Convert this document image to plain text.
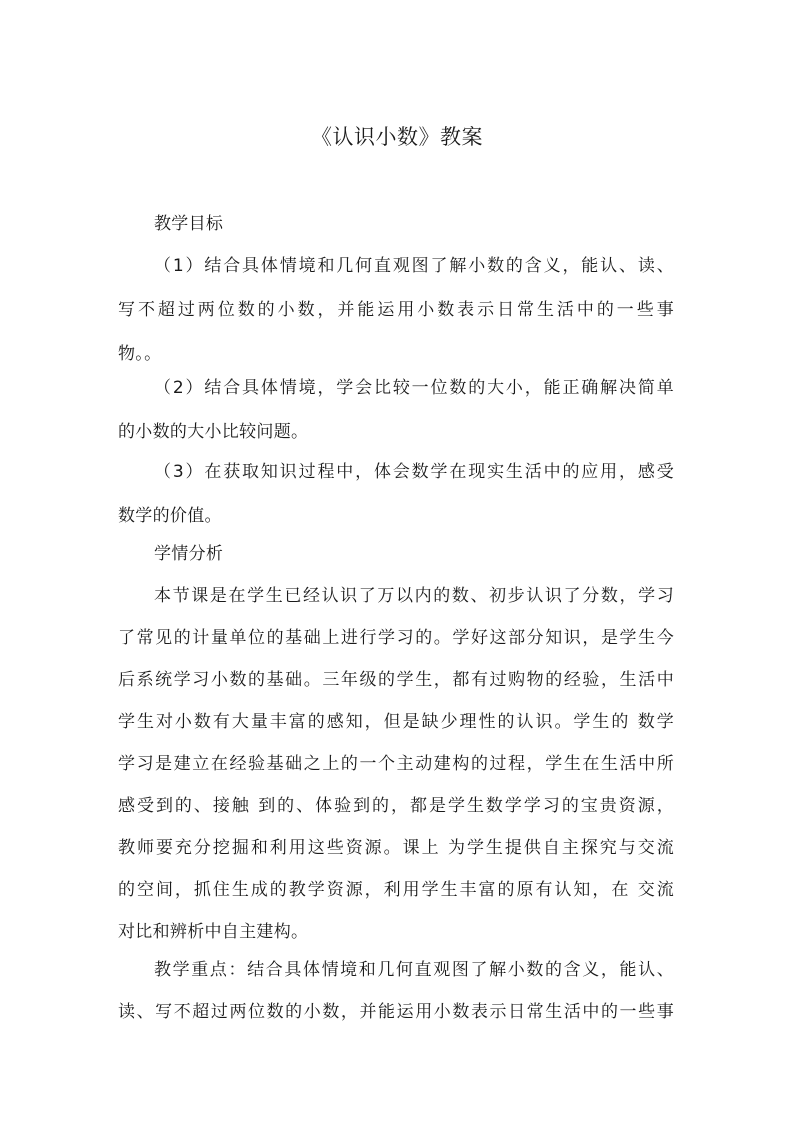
《认识小数》教案
教学目标
（1）结合具体情境和几何直观图了解小数的含义，能认、读、
写不超过两位数的小数，并能运用小数表示日常生活中的一些事
物。。
（2）结合具体情境，学会比较一位数的大小，能正确解决简单
的小数的大小比较问题。
（3）在获取知识过程中，体会数学在现实生活中的应用，感受
数学的价值。
学情分析
本节课是在学生已经认识了万以内的数、初步认识了分数，学习
了常见的计量单位的基础上进行学习的。学好这部分知识，是学生今
后系统学习小数的基础。三年级的学生，都有过购物的经验，生活中
学生对小数有大量丰富的感知，但是缺少理性的认识。学生的 数学
学习是建立在经验基础之上的一个主动建构的过程，学生在生活中所
感受到的、接触 到的、体验到的，都是学生数学学习的宝贵资源，
教师要充分挖掘和利用这些资源。课上 为学生提供自主探究与交流
的空间，抓住生成的教学资源，利用学生丰富的原有认知，在 交流
对比和辨析中自主建构。
教学重点：结合具体情境和几何直观图了解小数的含义，能认、
读、写不超过两位数的小数，并能运用小数表示日常生活中的一些事
